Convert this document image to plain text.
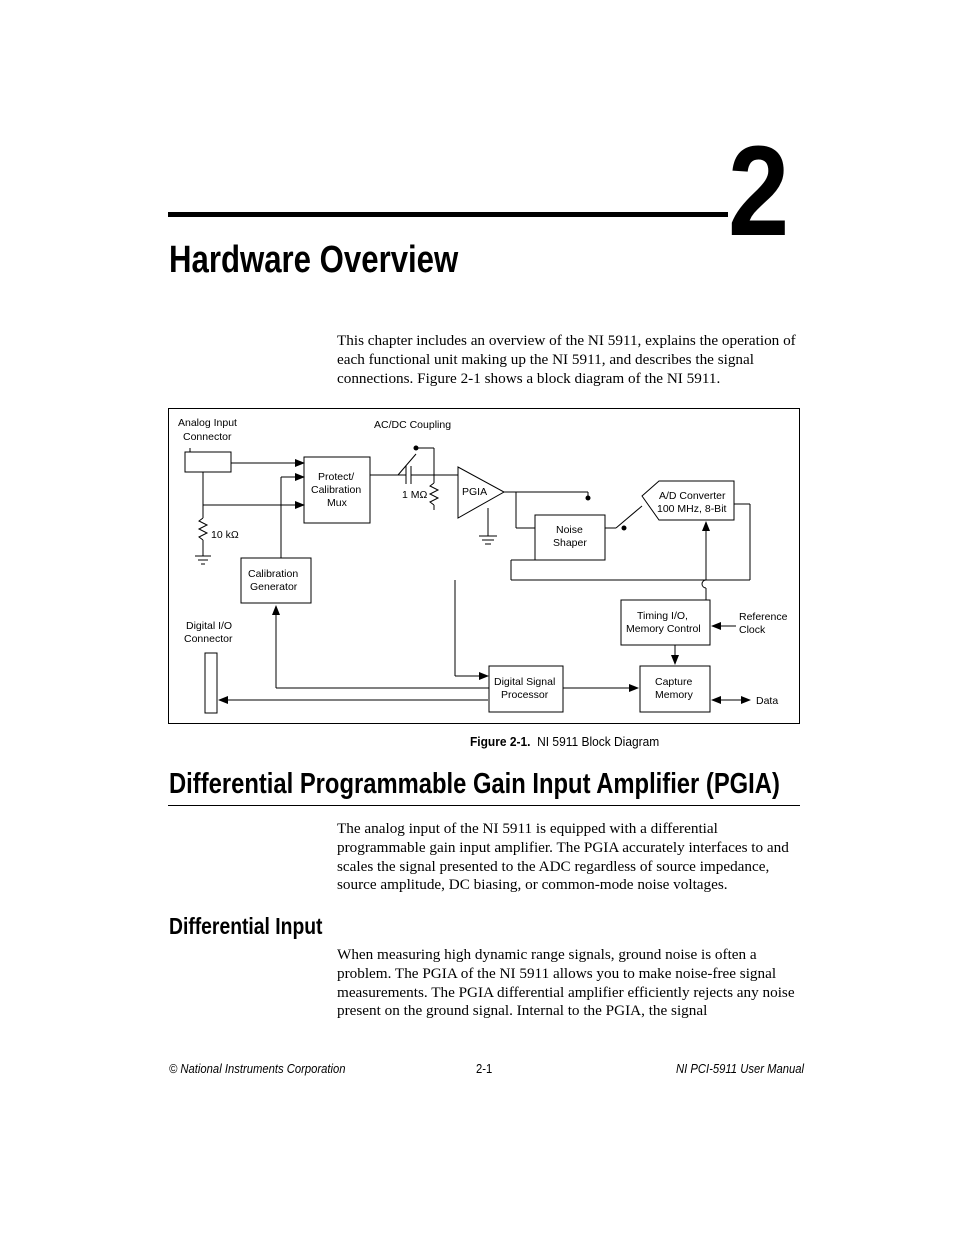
2
Hardware Overview
This chapter includes an overview of the NI 5911, explains the operation of each functional unit making up the NI 5911, and describes the signal connections. Figure 2-1 shows a block diagram of the NI 5911.
Analog Input
Connector
AC/DC Coupling
Protect/
Calibration
Mux
1 MΩ	PGIA	A/D Converter
100 MHz, 8-Bit
10 kΩ	Noise
Shaper
Calibration
Generator
Timing I/O,
Memory Control
Reference
Clock
Digital I/O
Connector
Digital Signal
Processor
Capture
Memory	Data
Figure 2-1. NI 5911 Block Diagram
Differential Programmable Gain Input Amplifier (PGIA)
The analog input of the NI 5911 is equipped with a differential programmable gain input amplifier. The PGIA accurately interfaces to and scales the signal presented to the ADC regardless of source impedance, source amplitude, DC biasing, or common-mode noise voltages.
Differential Input
When measuring high dynamic range signals, ground noise is often a problem. The PGIA of the NI 5911 allows you to make noise-free signal measurements. The PGIA differential amplifier efficiently rejects any noise present on the ground signal. Internal to the PGIA, the signal
© National Instruments Corporation	2-1	NI PCI-5911 User Manual
